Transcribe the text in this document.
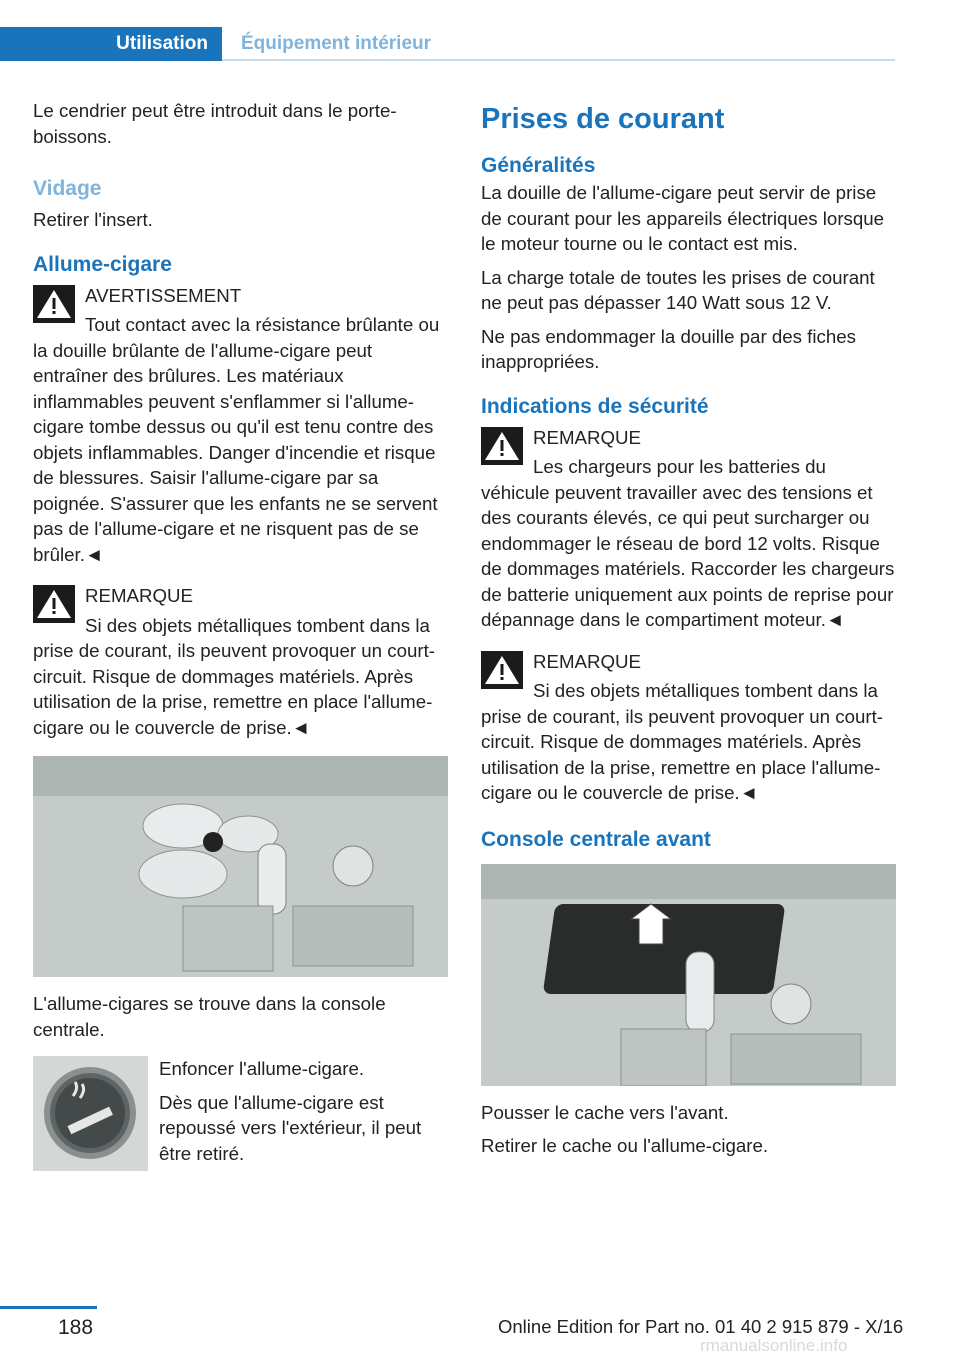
Utilisation Équipement intérieur

Le cendrier peut être introduit dans le porte-boissons.

Vidage

Retirer l'insert.

Allume-cigare
AVERTISSEMENT
Tout contact avec la résistance brûlante ou la douille brûlante de l'allume-cigare peut entraîner des brûlures. Les matériaux inflammables peuvent s'enflammer si l'allume-cigare tombe dessus ou qu'il est tenu contre des objets inflammables. Danger d'incendie et risque de blessures. Saisir l'allume-cigare par sa poignée. S'assurer que les enfants ne se servent pas de l'allume-cigare et ne risquent pas de se brûler.◄
REMARQUE
Si des objets métalliques tombent dans la prise de courant, ils peuvent provoquer un court-circuit. Risque de dommages matériels. Après utilisation de la prise, remettre en place l'allume-cigare ou le couvercle de prise.◄

L'allume-cigares se trouve dans la console centrale.

Enfoncer l'allume-cigare.

Dès que l'allume-cigare est repoussé vers l'extérieur, il peut être retiré.

Prises de courant
Généralités

La douille de l'allume-cigare peut servir de prise de courant pour les appareils électriques lorsque le moteur tourne ou le contact est mis.

La charge totale de toutes les prises de courant ne peut pas dépasser 140 Watt sous 12 V.

Ne pas endommager la douille par des fiches inappropriées.

Indications de sécurité
REMARQUE
Les chargeurs pour les batteries du véhicule peuvent travailler avec des tensions et des courants élevés, ce qui peut surcharger ou endommager le réseau de bord 12 volts. Risque de dommages matériels. Raccorder les chargeurs de batterie uniquement aux points de reprise pour dépannage dans le compartiment moteur.◄
REMARQUE
Si des objets métalliques tombent dans la prise de courant, ils peuvent provoquer un court-circuit. Risque de dommages matériels. Après utilisation de la prise, remettre en place l'allume-cigare ou le couvercle de prise.◄
Console centrale avant

Pousser le cache vers l'avant.

Retirer le cache ou l'allume-cigare.

188	Online Edition for Part no. 01 40 2 915 879 - X/16
rmanualsonline.info
